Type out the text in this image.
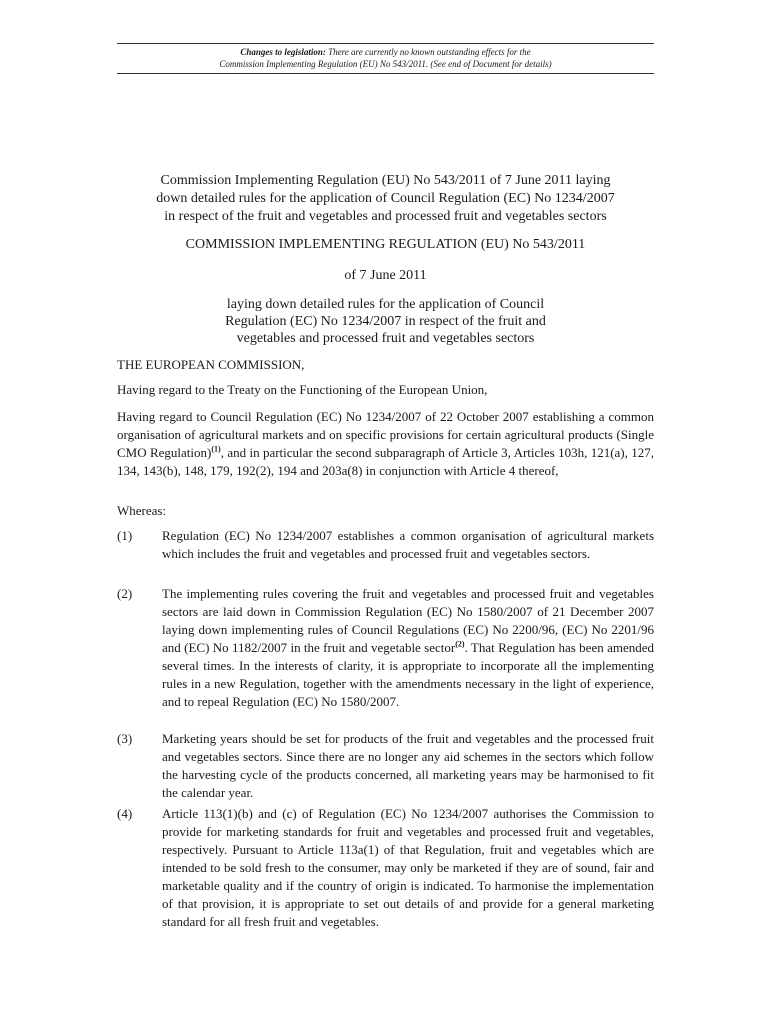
Changes to legislation: There are currently no known outstanding effects for the
Commission Implementing Regulation (EU) No 543/2011. (See end of Document for details)
Commission Implementing Regulation (EU) No 543/2011 of 7 June 2011 laying
down detailed rules for the application of Council Regulation (EC) No 1234/2007
in respect of the fruit and vegetables and processed fruit and vegetables sectors
COMMISSION IMPLEMENTING REGULATION (EU) No 543/2011
of 7 June 2011
laying down detailed rules for the application of Council
Regulation (EC) No 1234/2007 in respect of the fruit and
vegetables and processed fruit and vegetables sectors
THE EUROPEAN COMMISSION,
Having regard to the Treaty on the Functioning of the European Union,
Having regard to Council Regulation (EC) No 1234/2007 of 22 October 2007 establishing a common organisation of agricultural markets and on specific provisions for certain agricultural products (Single CMO Regulation)$^{(1)}$, and in particular the second subparagraph of Article 3, Articles 103h, 121(a), 127, 134, 143(b), 148, 179, 192(2), 194 and 203a(8) in conjunction with Article 4 thereof,
Whereas:
(1) Regulation (EC) No 1234/2007 establishes a common organisation of agricultural markets which includes the fruit and vegetables and processed fruit and vegetables sectors.
(2) The implementing rules covering the fruit and vegetables and processed fruit and vegetables sectors are laid down in Commission Regulation (EC) No 1580/2007 of 21 December 2007 laying down implementing rules of Council Regulations (EC) No 2200/96, (EC) No 2201/96 and (EC) No 1182/2007 in the fruit and vegetable sector$^{(2)}$. That Regulation has been amended several times. In the interests of clarity, it is appropriate to incorporate all the implementing rules in a new Regulation, together with the amendments necessary in the light of experience, and to repeal Regulation (EC) No 1580/2007.
(3) Marketing years should be set for products of the fruit and vegetables and the processed fruit and vegetables sectors. Since there are no longer any aid schemes in the sectors which follow the harvesting cycle of the products concerned, all marketing years may be harmonised to fit the calendar year.
(4) Article 113(1)(b) and (c) of Regulation (EC) No 1234/2007 authorises the Commission to provide for marketing standards for fruit and vegetables and processed fruit and vegetables, respectively. Pursuant to Article 113a(1) of that Regulation, fruit and vegetables which are intended to be sold fresh to the consumer, may only be marketed if they are of sound, fair and marketable quality and if the country of origin is indicated. To harmonise the implementation of that provision, it is appropriate to set out details of and provide for a general marketing standard for all fresh fruit and vegetables.
